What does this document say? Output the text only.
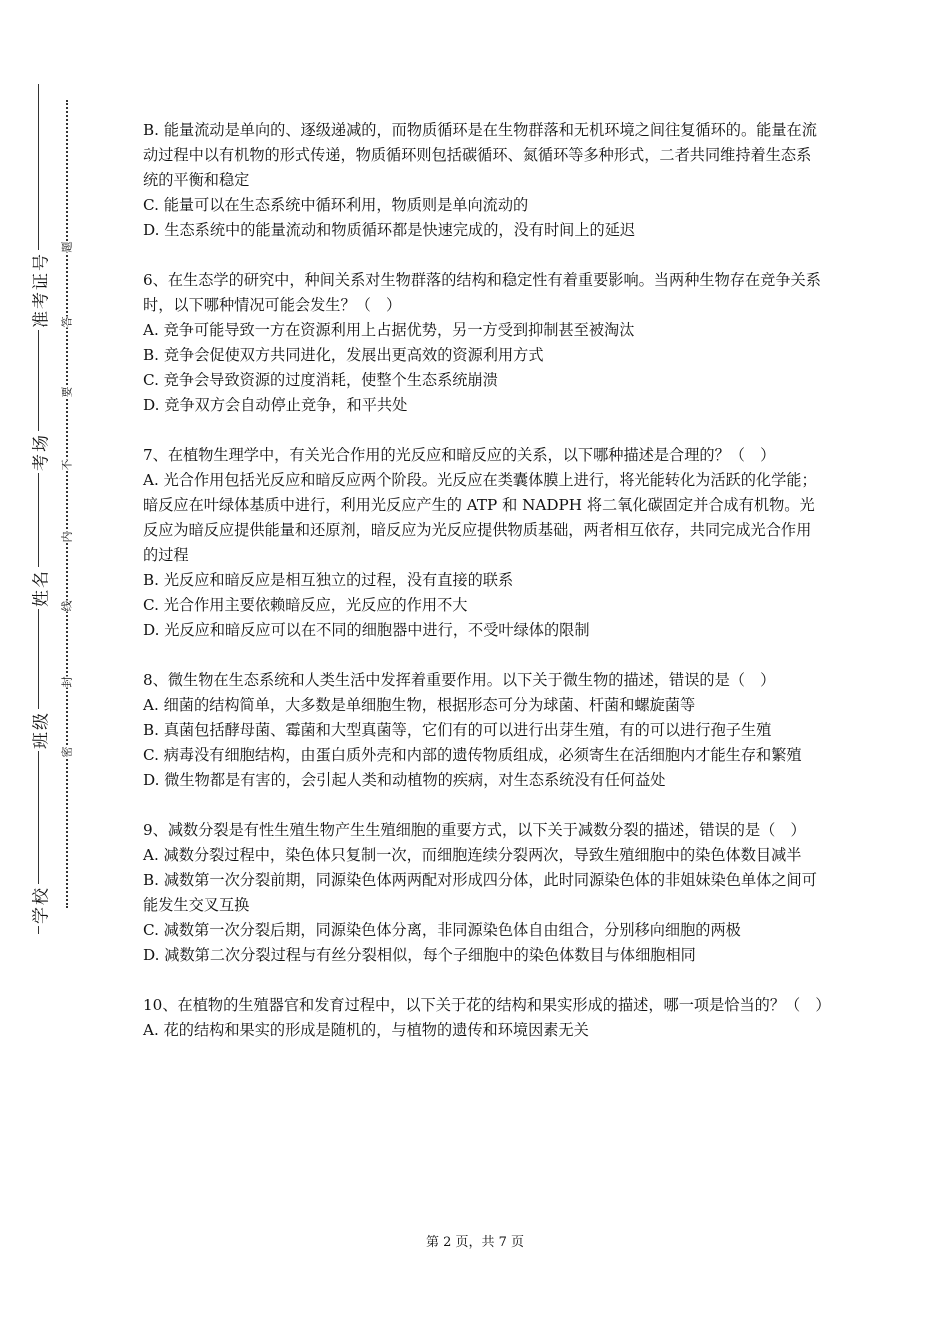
准考证号
考场
姓名
班级
学校
题
答
要
不
内
线
封
密

B. 能量流动是单向的、逐级递减的，而物质循环是在生物群落和无机环境之间往复循环的。能量在流动过程中以有机物的形式传递，物质循环则包括碳循环、氮循环等多种形式，二者共同维持着生态系统的平衡和稳定

C. 能量可以在生态系统中循环利用，物质则是单向流动的

D. 生态系统中的能量流动和物质循环都是快速完成的，没有时间上的延迟

6、在生态学的研究中，种间关系对生物群落的结构和稳定性有着重要影响。当两种生物存在竞争关系时，以下哪种情况可能会发生？（　）

A. 竞争可能导致一方在资源利用上占据优势，另一方受到抑制甚至被淘汰

B. 竞争会促使双方共同进化，发展出更高效的资源利用方式

C. 竞争会导致资源的过度消耗，使整个生态系统崩溃

D. 竞争双方会自动停止竞争，和平共处

7、在植物生理学中，有关光合作用的光反应和暗反应的关系，以下哪种描述是合理的？（　）

A. 光合作用包括光反应和暗反应两个阶段。光反应在类囊体膜上进行，将光能转化为活跃的化学能；暗反应在叶绿体基质中进行，利用光反应产生的 ATP 和 NADPH 将二氧化碳固定并合成有机物。光反应为暗反应提供能量和还原剂，暗反应为光反应提供物质基础，两者相互依存，共同完成光合作用的过程

B. 光反应和暗反应是相互独立的过程，没有直接的联系

C. 光合作用主要依赖暗反应，光反应的作用不大

D. 光反应和暗反应可以在不同的细胞器中进行，不受叶绿体的限制

8、微生物在生态系统和人类生活中发挥着重要作用。以下关于微生物的描述，错误的是（　）

A. 细菌的结构简单，大多数是单细胞生物，根据形态可分为球菌、杆菌和螺旋菌等

B. 真菌包括酵母菌、霉菌和大型真菌等，它们有的可以进行出芽生殖，有的可以进行孢子生殖

C. 病毒没有细胞结构，由蛋白质外壳和内部的遗传物质组成，必须寄生在活细胞内才能生存和繁殖

D. 微生物都是有害的，会引起人类和动植物的疾病，对生态系统没有任何益处

9、减数分裂是有性生殖生物产生生殖细胞的重要方式，以下关于减数分裂的描述，错误的是（　）

A. 减数分裂过程中，染色体只复制一次，而细胞连续分裂两次，导致生殖细胞中的染色体数目减半

B. 减数第一次分裂前期，同源染色体两两配对形成四分体，此时同源染色体的非姐妹染色单体之间可能发生交叉互换

C. 减数第一次分裂后期，同源染色体分离，非同源染色体自由组合，分别移向细胞的两极

D. 减数第二次分裂过程与有丝分裂相似，每个子细胞中的染色体数目与体细胞相同

10、在植物的生殖器官和发育过程中，以下关于花的结构和果实形成的描述，哪一项是恰当的？（　）

A. 花的结构和果实的形成是随机的，与植物的遗传和环境因素无关

第 2 页，共 7 页
